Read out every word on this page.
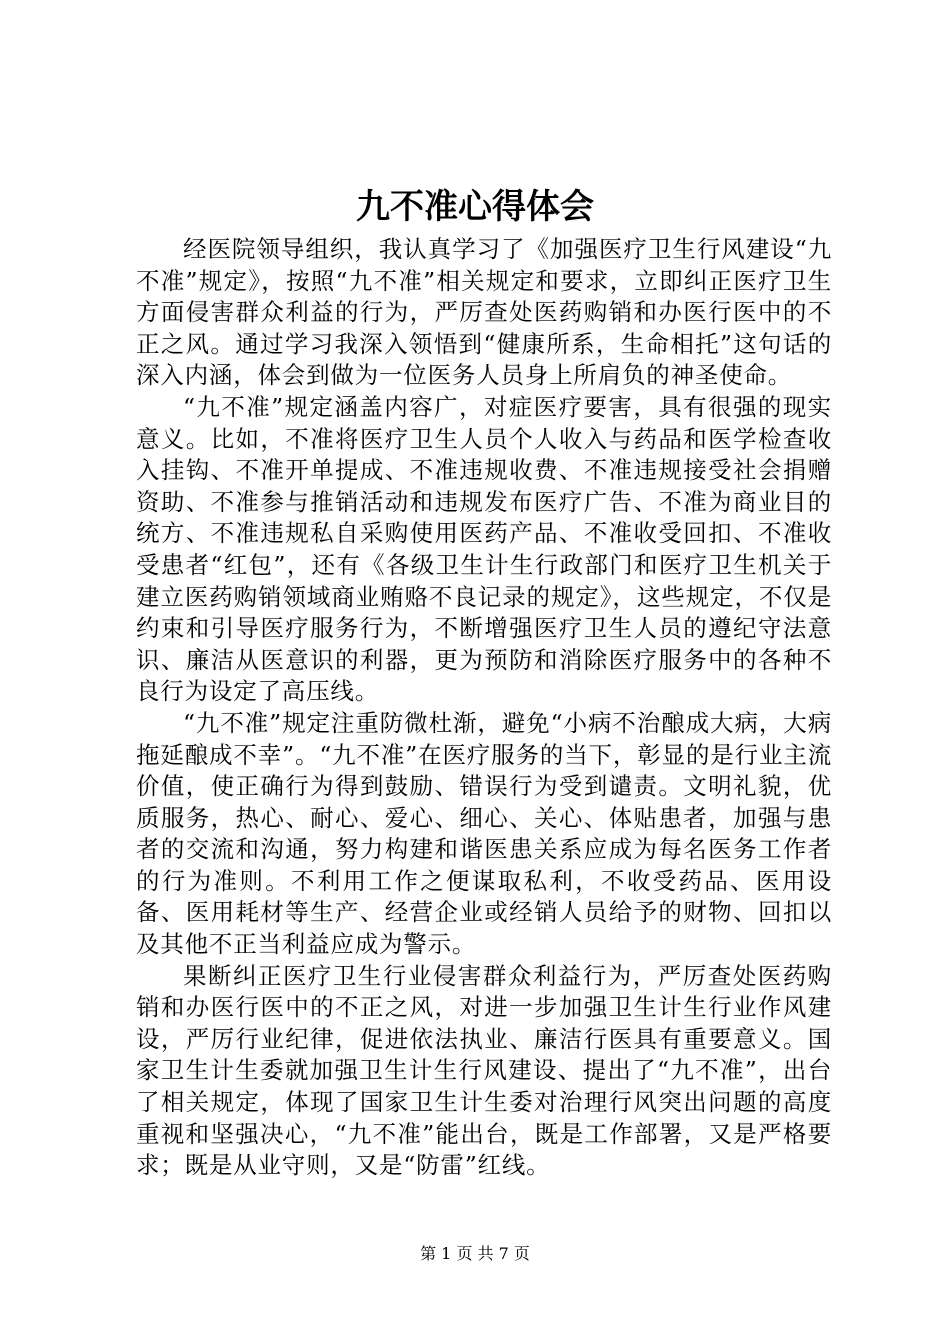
九不准心得体会

经医院领导组织，我认真学习了《加强医疗卫生行风建设“九不准”规定》，按照“九不准”相关规定和要求，立即纠正医疗卫生方面侵害群众利益的行为，严厉查处医药购销和办医行医中的不正之风。通过学习我深入领悟到“健康所系，生命相托”这句话的深入内涵，体会到做为一位医务人员身上所肩负的神圣使命。

“九不准”规定涵盖内容广，对症医疗要害，具有很强的现实意义。比如，不准将医疗卫生人员个人收入与药品和医学检查收入挂钩、不准开单提成、不准违规收费、不准违规接受社会捐赠资助、不准参与推销活动和违规发布医疗广告、不准为商业目的统方、不准违规私自采购使用医药产品、不准收受回扣、不准收受患者“红包”，还有《各级卫生计生行政部门和医疗卫生机关于建立医药购销领域商业贿赂不良记录的规定》，这些规定，不仅是约束和引导医疗服务行为，不断增强医疗卫生人员的遵纪守法意识、廉洁从医意识的利器，更为预防和消除医疗服务中的各种不良行为设定了高压线。

“九不准”规定注重防微杜渐，避免“小病不治酿成大病，大病拖延酿成不幸”。“九不准”在医疗服务的当下，彰显的是行业主流价值，使正确行为得到鼓励、错误行为受到谴责。文明礼貌，优质服务，热心、耐心、爱心、细心、关心、体贴患者，加强与患者的交流和沟通，努力构建和谐医患关系应成为每名医务工作者的行为准则。不利用工作之便谋取私利，不收受药品、医用设备、医用耗材等生产、经营企业或经销人员给予的财物、回扣以及其他不正当利益应成为警示。

果断纠正医疗卫生行业侵害群众利益行为，严厉查处医药购销和办医行医中的不正之风，对进一步加强卫生计生行业作风建设，严厉行业纪律，促进依法执业、廉洁行医具有重要意义。国家卫生计生委就加强卫生计生行风建设、提出了“九不准”，出台了相关规定，体现了国家卫生计生委对治理行风突出问题的高度重视和坚强决心，“九不准”能出台，既是工作部署，又是严格要求；既是从业守则，又是“防雷”红线。

第 1 页 共 7 页
